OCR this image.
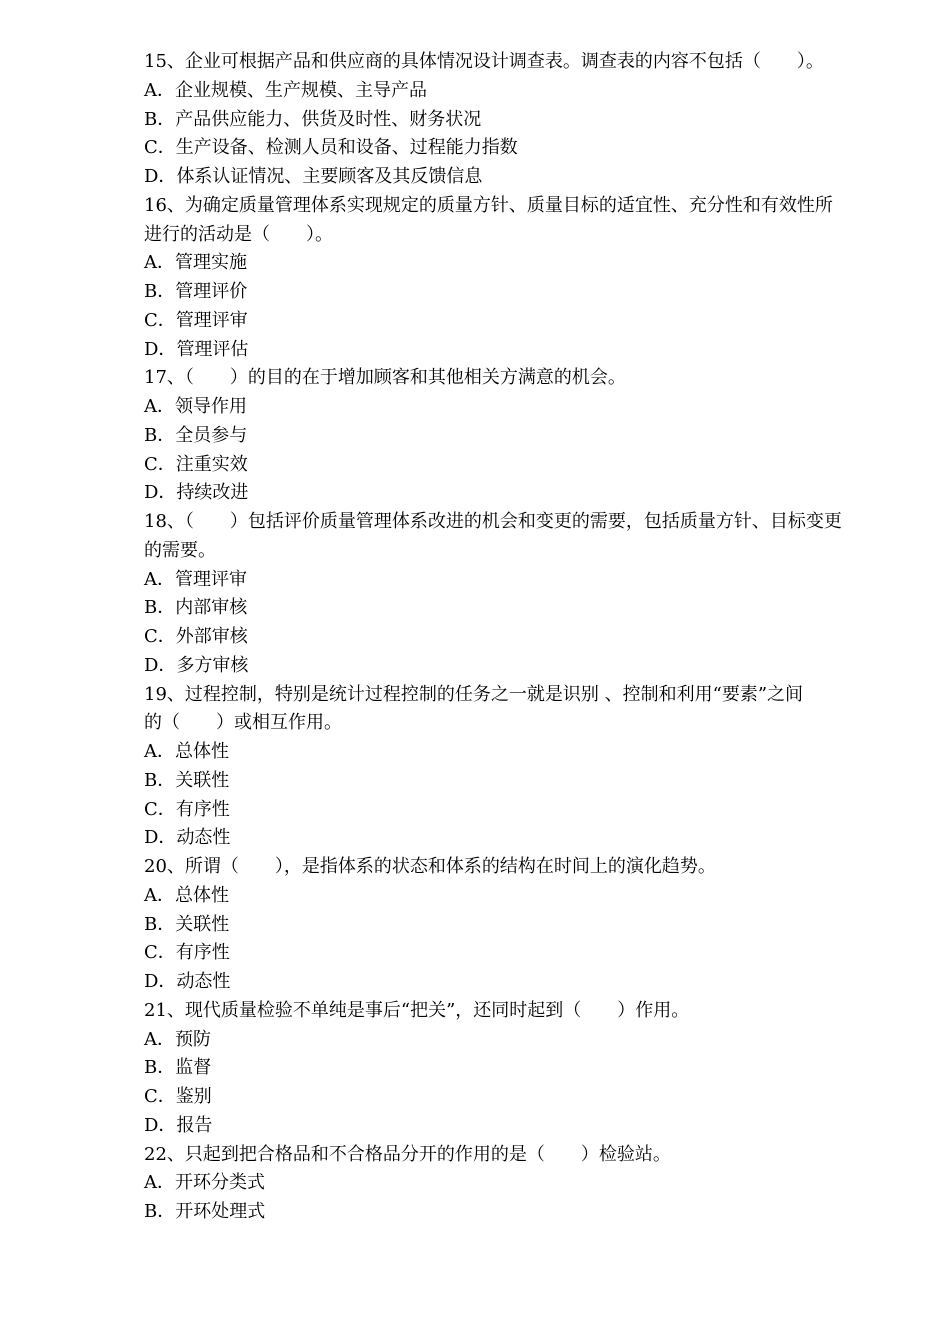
15、企业可根据产品和供应商的具体情况设计调查表。调查表的内容不包括（　　）。
A．企业规模、生产规模、主导产品
B．产品供应能力、供货及时性、财务状况
C．生产设备、检测人员和设备、过程能力指数
D．体系认证情况、主要顾客及其反馈信息
16、为确定质量管理体系实现规定的质量方针、质量目标的适宜性、充分性和有效性所
进行的活动是（　　）。
A．管理实施
B．管理评价
C．管理评审
D．管理评估
17、（　　）的目的在于增加顾客和其他相关方满意的机会。
A．领导作用
B．全员参与
C．注重实效
D．持续改进
18、（　　）包括评价质量管理体系改进的机会和变更的需要，包括质量方针、目标变更
的需要。
A．管理评审
B．内部审核
C．外部审核
D．多方审核
19、过程控制，特别是统计过程控制的任务之一就是识别 、控制和利用“要素”之间
的（　　）或相互作用。
A．总体性
B．关联性
C．有序性
D．动态性
20、所谓（　　），是指体系的状态和体系的结构在时间上的演化趋势。
A．总体性
B．关联性
C．有序性
D．动态性
21、现代质量检验不单纯是事后“把关”，还同时起到（　　）作用。
A．预防
B．监督
C．鉴别
D．报告
22、只起到把合格品和不合格品分开的作用的是（　　）检验站。
A．开环分类式
B．开环处理式
